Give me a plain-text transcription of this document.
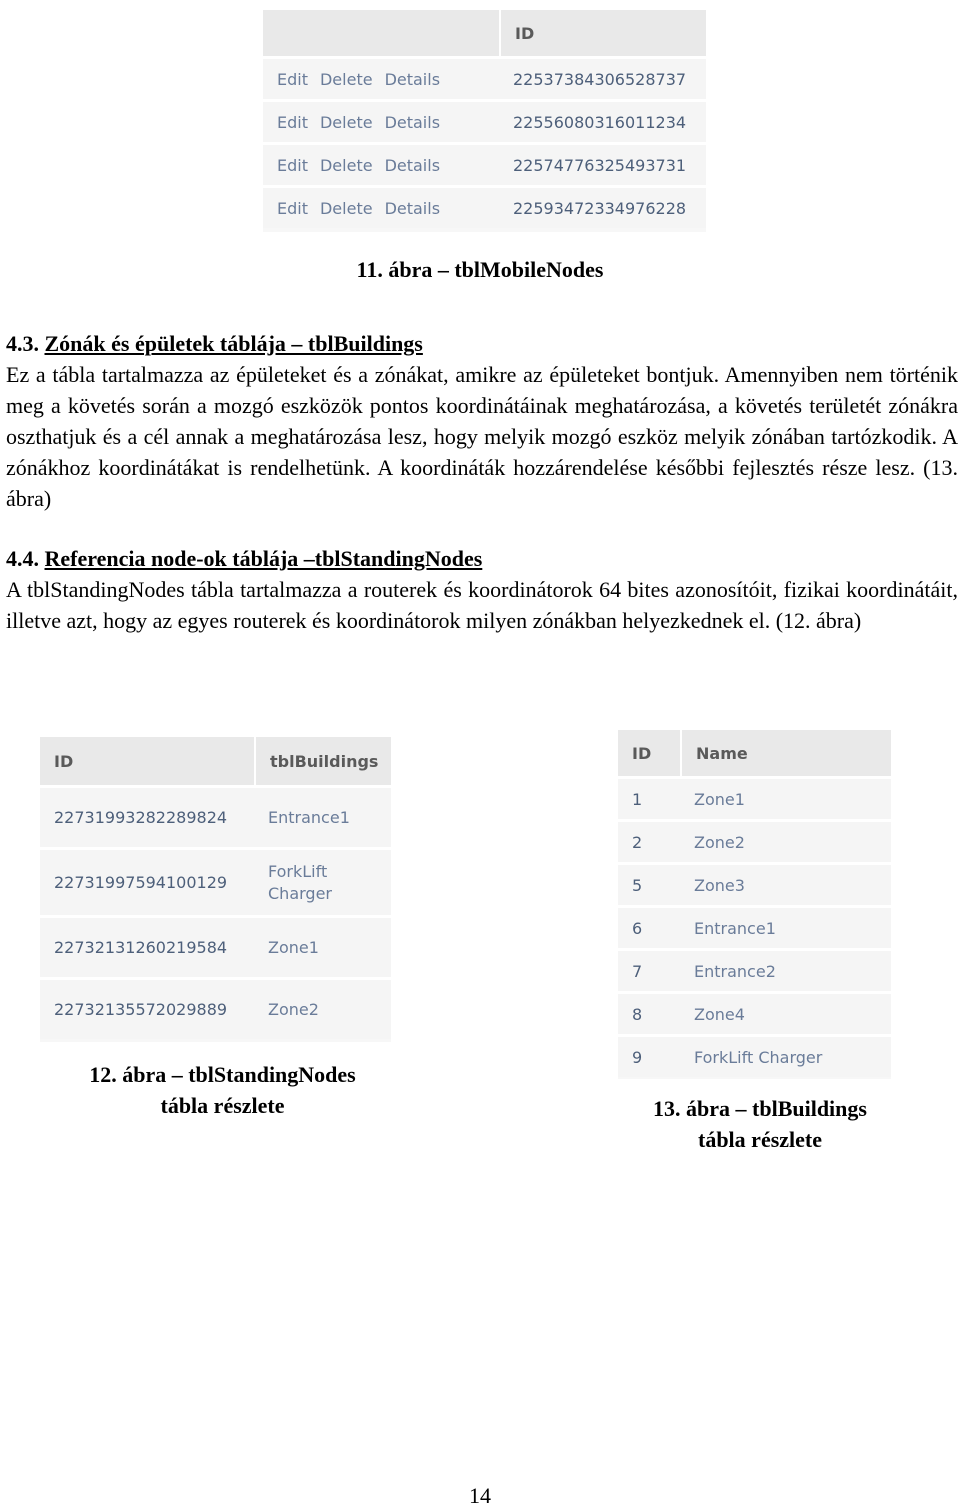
	ID
Edit Delete Details	22537384306528737
Edit Delete Details	22556080316011234
Edit Delete Details	22574776325493731
Edit Delete Details	22593472334976228
11. ábra – tblMobileNodes
4.3. Zónák és épületek táblája – tblBuildings
Ez a tábla tartalmazza az épületeket és a zónákat, amikre az épületeket bontjuk. Amennyiben nem történik meg a követés során a mozgó eszközök pontos koordinátáinak meghatározása, a követés területét zónákra oszthatjuk és a cél annak a meghatározása lesz, hogy melyik mozgó eszköz melyik zónában tartózkodik. A zónákhoz koordinátákat is rendelhetünk. A koordináták hozzárendelése későbbi fejlesztés része lesz. (13. ábra)
4.4. Referencia node-ok táblája –tblStandingNodes
A tblStandingNodes tábla tartalmazza a routerek és koordinátorok 64 bites azonosítóit, fizikai koordinátáit, illetve azt, hogy az egyes routerek és koordinátorok milyen zónákban helyezkednek el. (12. ábra)
ID	tblBuildings
22731993282289824	Entrance1
22731997594100129	ForkLift Charger

22732131260219584	Zone1
22732135572029889	Zone2
12. ábra – tblStandingNodes
tábla részlete
ID	Name
1	Zone1
2	Zone2
5	Zone3
6	Entrance1
7	Entrance2
8	Zone4
9	ForkLift Charger
13. ábra – tblBuildings
tábla részlete
14
